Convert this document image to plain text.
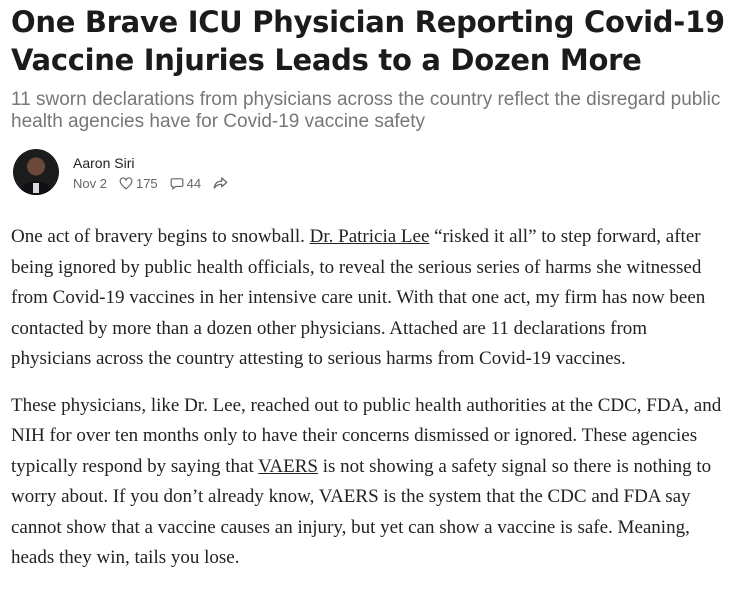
One Brave ICU Physician Reporting Covid-19 Vaccine Injuries Leads to a Dozen More
11 sworn declarations from physicians across the country reflect the disregard public health agencies have for Covid-19 vaccine safety
Aaron Siri
Nov 2 175 44

One act of bravery begins to snowball. Dr. Patricia Lee “risked it all” to step forward, after being ignored by public health officials, to reveal the serious series of harms she witnessed from Covid-19 vaccines in her intensive care unit. With that one act, my firm has now been contacted by more than a dozen other physicians. Attached are 11 declarations from physicians across the country attesting to serious harms from Covid-19 vaccines.

These physicians, like Dr. Lee, reached out to public health authorities at the CDC, FDA, and NIH for over ten months only to have their concerns dismissed or ignored. These agencies typically respond by saying that VAERS is not showing a safety signal so there is nothing to worry about. If you don’t already know, VAERS is the system that the CDC and FDA say cannot show that a vaccine causes an injury, but yet can show a vaccine is safe. Meaning, heads they win, tails you lose.
